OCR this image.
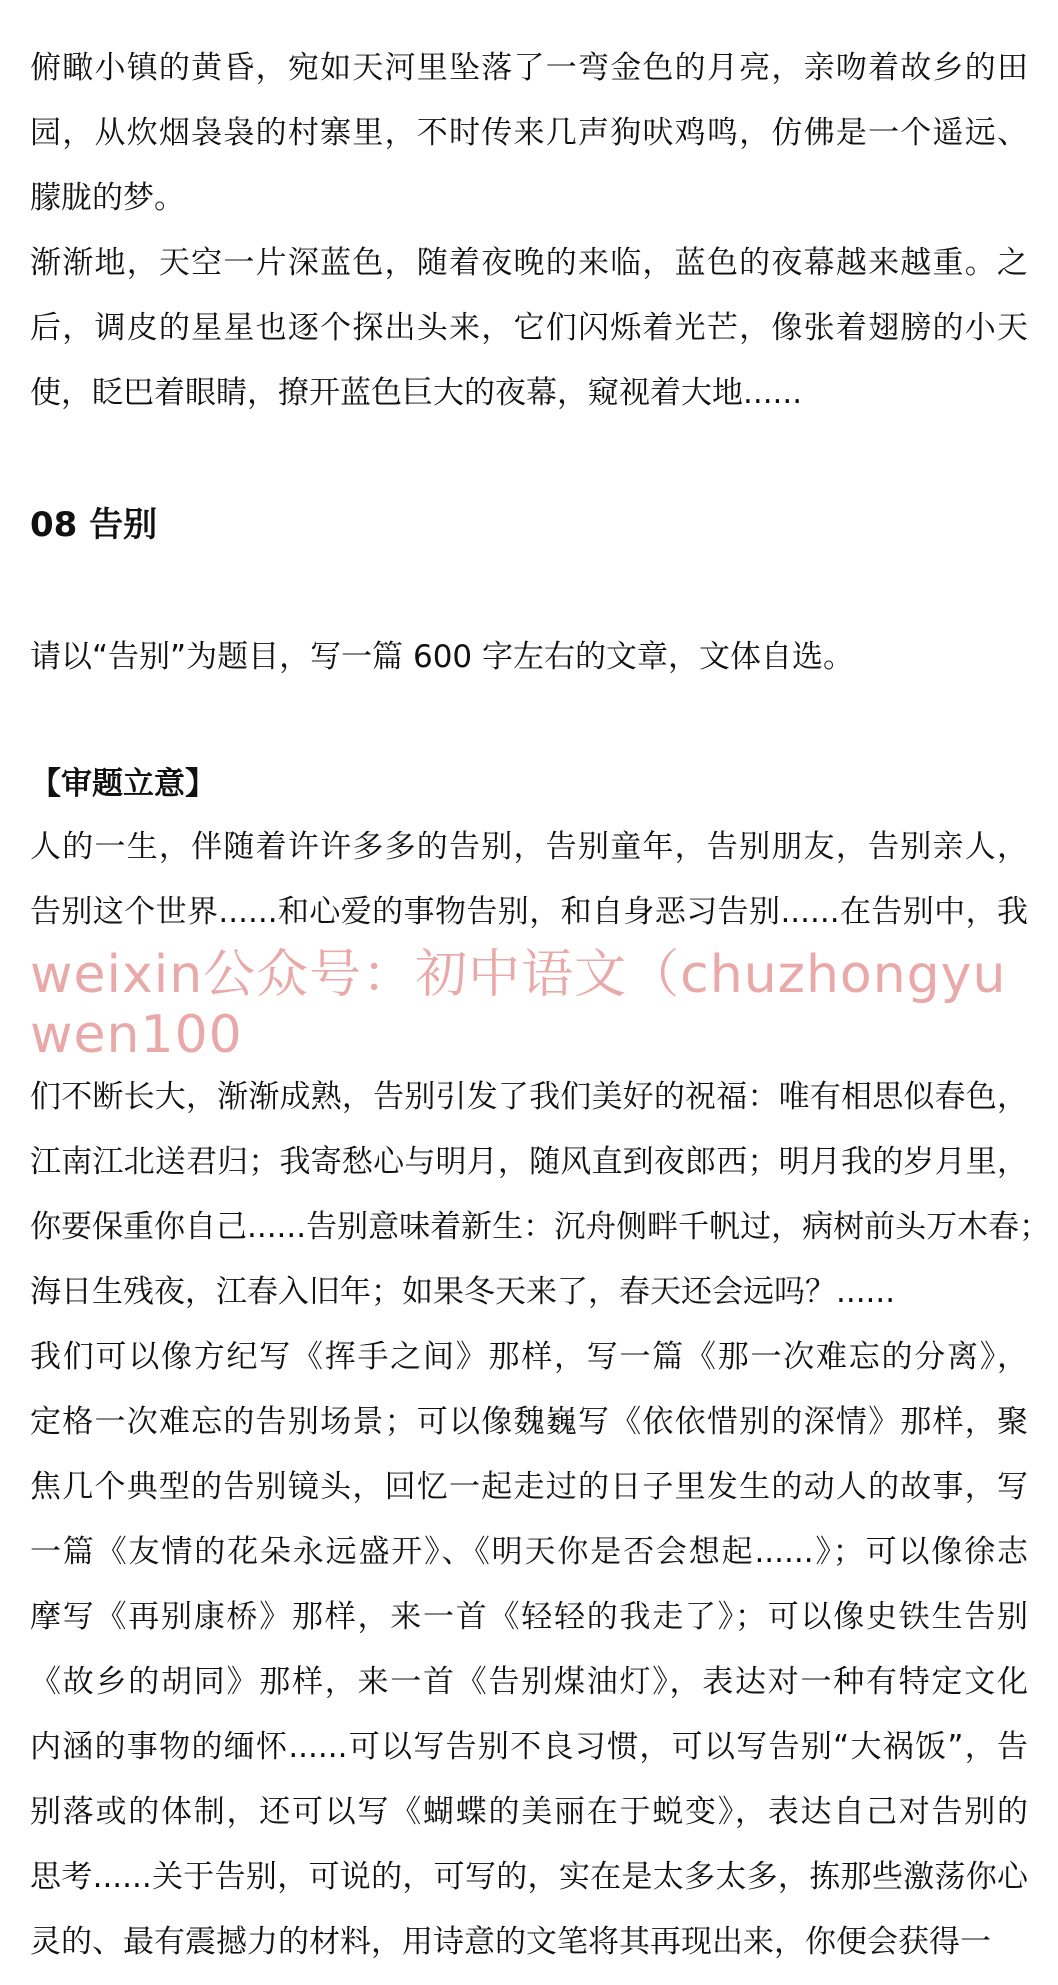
俯瞰小镇的黄昏，宛如天河里坠落了一弯金色的月亮，亲吻着故乡的田
园，从炊烟袅袅的村寨里，不时传来几声狗吠鸡鸣，仿佛是一个遥远、
朦胧的梦。
渐渐地，天空一片深蓝色，随着夜晚的来临，蓝色的夜幕越来越重。之
后，调皮的星星也逐个探出头来，它们闪烁着光芒，像张着翅膀的小天
使，眨巴着眼睛，撩开蓝色巨大的夜幕，窥视着大地......
08 告别
请以“告别”为题目，写一篇 600 字左右的文章，文体自选。
【审题立意】
人的一生，伴随着许许多多的告别，告别童年，告别朋友，告别亲人，
告别这个世界......和心爱的事物告别，和自身恶习告别......在告别中，我
weixin公众号：初中语文（chuzhongyuwen100
们不断长大，渐渐成熟，告别引发了我们美好的祝福：唯有相思似春色，
江南江北送君归；我寄愁心与明月，随风直到夜郎西；明月我的岁月里，
你要保重你自己......告别意味着新生：沉舟侧畔千帆过，病树前头万木春；
海日生残夜，江春入旧年；如果冬天来了，春天还会远吗？......
我们可以像方纪写《挥手之间》那样，写一篇《那一次难忘的分离》，
定格一次难忘的告别场景；可以像魏巍写《依依惜别的深情》那样，聚
焦几个典型的告别镜头，回忆一起走过的日子里发生的动人的故事，写
一篇《友情的花朵永远盛开》、《明天你是否会想起......》；可以像徐志
摩写《再别康桥》那样，来一首《轻轻的我走了》；可以像史铁生告别
《故乡的胡同》那样，来一首《告别煤油灯》，表达对一种有特定文化
内涵的事物的缅怀......可以写告别不良习惯，可以写告别“大祸饭”，告
别落或的体制，还可以写《蝴蝶的美丽在于蜕变》，表达自己对告别的
思考......关于告别，可说的，可写的，实在是太多太多，拣那些激荡你心
灵的、最有震撼力的材料，用诗意的文笔将其再现出来，你便会获得一
